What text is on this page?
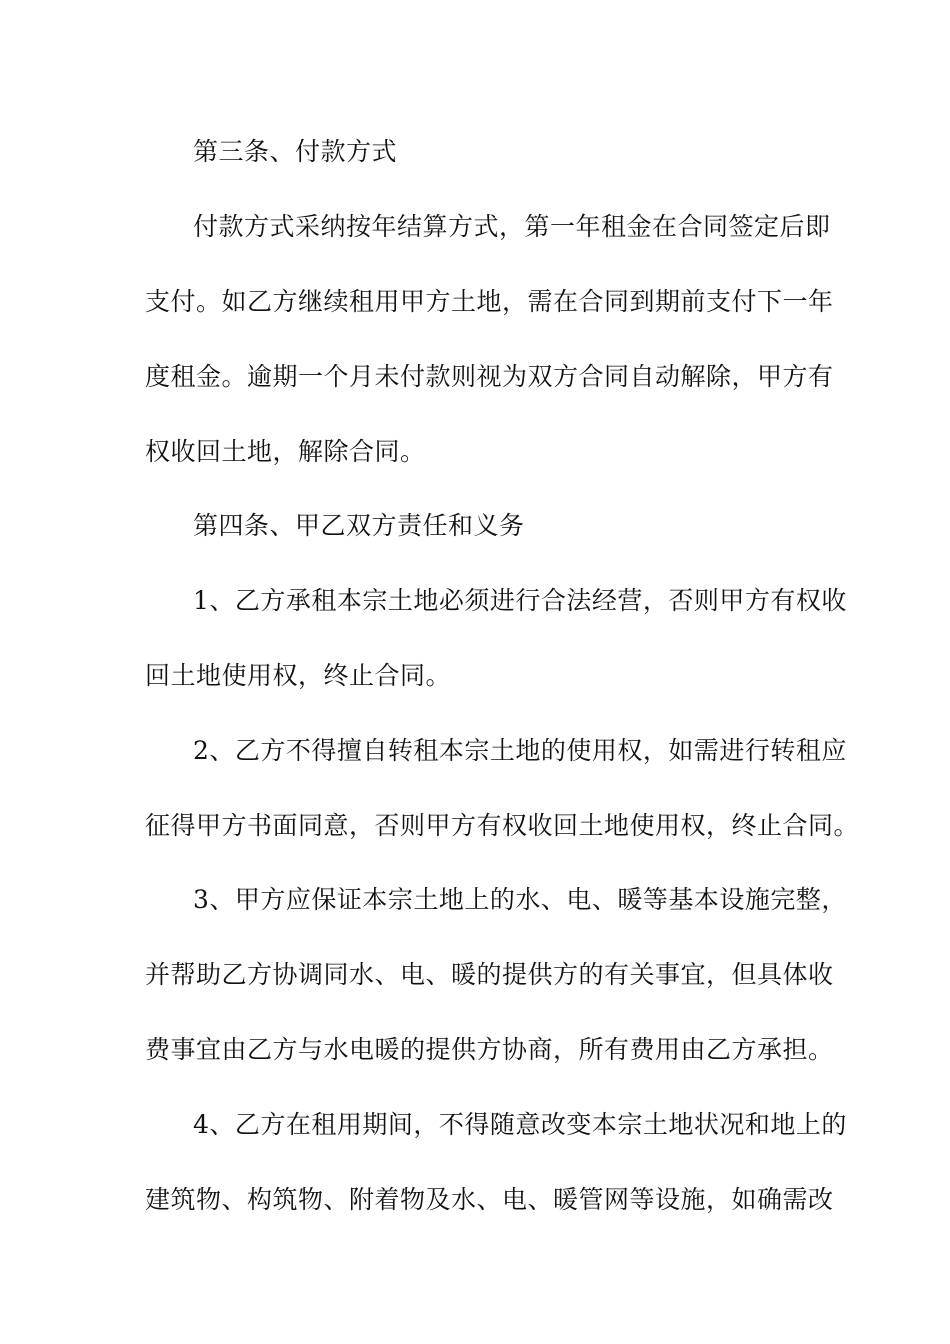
第三条、付款方式
付款方式采纳按年结算方式，第一年租金在合同签定后即
支付。如乙方继续租用甲方土地，需在合同到期前支付下一年
度租金。逾期一个月未付款则视为双方合同自动解除，甲方有
权收回土地，解除合同。
第四条、甲乙双方责任和义务
1、乙方承租本宗土地必须进行合法经营，否则甲方有权收
回土地使用权，终止合同。
2、乙方不得擅自转租本宗土地的使用权，如需进行转租应
征得甲方书面同意，否则甲方有权收回土地使用权，终止合同。
3、甲方应保证本宗土地上的水、电、暖等基本设施完整，
并帮助乙方协调同水、电、暖的提供方的有关事宜，但具体收
费事宜由乙方与水电暖的提供方协商，所有费用由乙方承担。
4、乙方在租用期间，不得随意改变本宗土地状况和地上的
建筑物、构筑物、附着物及水、电、暖管网等设施，如确需改
